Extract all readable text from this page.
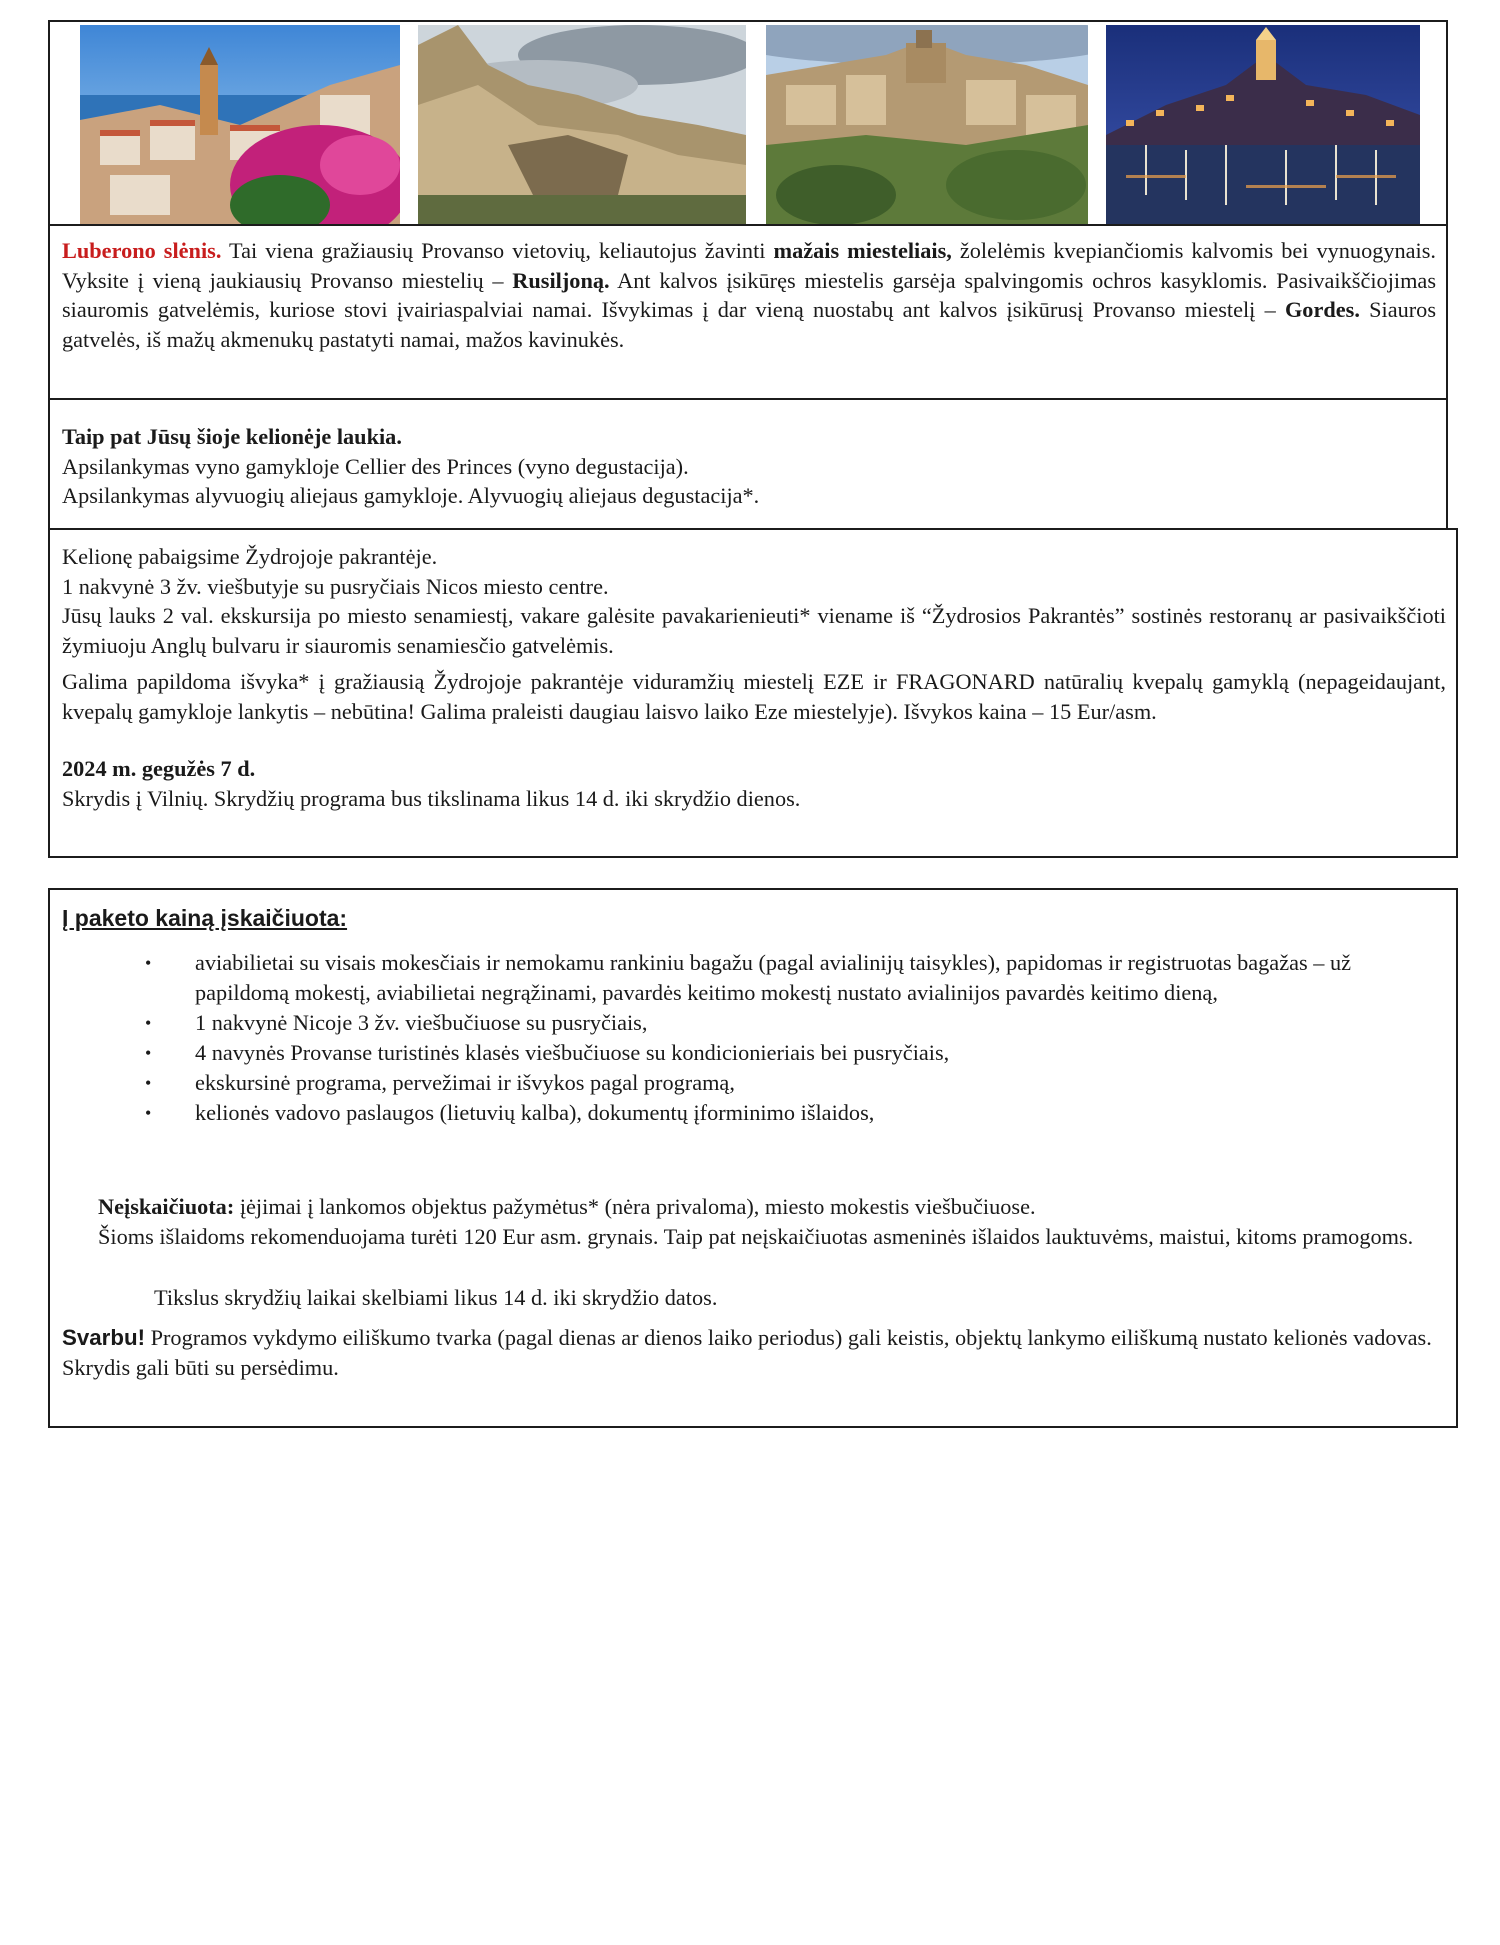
Luberono slėnis. Tai viena gražiausių Provanso vietovių, keliautojus žavinti mažais miesteliais, žolelėmis kvepiančiomis kalvomis bei vynuogynais. Vyksite į vieną jaukiausių Provanso miestelių – Rusiljoną. Ant kalvos įsikūręs miestelis garsėja spalvingomis ochros kasyklomis. Pasivaikščiojimas siauromis gatvelėmis, kuriose stovi įvairiaspalviai namai. Išvykimas į dar vieną nuostabų ant kalvos įsikūrusį Provanso miestelį – Gordes. Siauros gatvelės, iš mažų akmenukų pastatyti namai, mažos kavinukės.
Taip pat Jūsų šioje kelionėje laukia.
Apsilankymas vyno gamykloje Cellier des Princes (vyno degustacija).
Apsilankymas alyvuogių aliejaus gamykloje. Alyvuogių aliejaus degustacija*.
Kelionę pabaigsime Žydrojoje pakrantėje.
1 nakvynė 3 žv. viešbutyje su pusryčiais Nicos miesto centre.
Jūsų lauks 2 val. ekskursija po miesto senamiestį, vakare galėsite pavakarienieuti* viename iš “Žydrosios Pakrantės” sostinės restoranų ar pasivaikščioti žymiuoju Anglų bulvaru ir siauromis senamiesčio gatvelėmis.
Galima papildoma išvyka* į gražiausią Žydrojoje pakrantėje viduramžių miestelį EZE ir FRAGONARD natūralių kvepalų gamyklą (nepageidaujant, kvepalų gamykloje lankytis – nebūtina! Galima praleisti daugiau laisvo laiko Eze miestelyje). Išvykos kaina – 15 Eur/asm.
2024 m. gegužės 7 d.
Skrydis į Vilnių. Skrydžių programa bus tikslinama likus 14 d. iki skrydžio dienos.
Į paketo kainą įskaičiuota:
• aviabilietai su visais mokesčiais ir nemokamu rankiniu bagažu (pagal avialinijų taisykles), papidomas ir registruotas bagažas – už papildomą mokestį, aviabilietai negrąžinami, pavardės keitimo mokestį nustato avialinijos pavardės keitimo dieną,
• 1 nakvynė Nicoje 3 žv. viešbučiuose su pusryčiais,
• 4 navynės Provanse turistinės klasės viešbučiuose su kondicionieriais bei pusryčiais,
• ekskursinė programa, pervežimai ir išvykos pagal programą,
• kelionės vadovo paslaugos (lietuvių kalba), dokumentų įforminimo išlaidos,
Neįskaičiuota: įėjimai į lankomos objektus pažymėtus* (nėra privaloma), miesto mokestis viešbučiuose.
Šioms išlaidoms rekomenduojama turėti 120 Eur asm. grynais. Taip pat neįskaičiuotas asmeninės išlaidos lauktuvėms, maistui, kitoms pramogoms.
Tikslus skrydžių laikai skelbiami likus 14 d. iki skrydžio datos.
Svarbu! Programos vykdymo eiliškumo tvarka (pagal dienas ar dienos laiko periodus) gali keistis, objektų lankymo eiliškumą nustato kelionės vadovas. Skrydis gali būti su persėdimu.
